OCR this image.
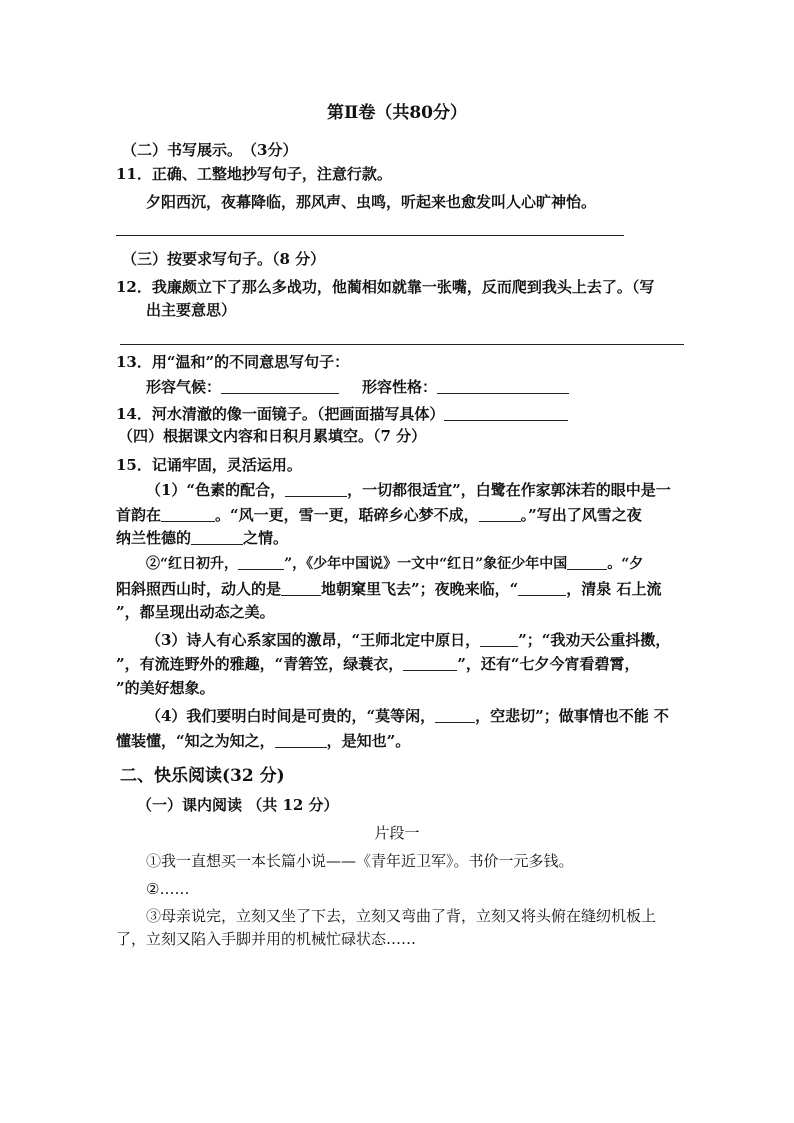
第Ⅱ卷（共80分）
（二）书写展示。　（3分）
11．正确、工整地抄写句子，注意行款。
夕阳西沉，夜幕降临，那风声、虫鸣，听起来也愈发叫人心旷神怡。
（三）按要求写句子。（8 分）
12．我廉颇立下了那么多战功，他蔺相如就靠一张嘴，反而爬到我头上去了。（写
出主要意思）
13．用“温和”的不同意思写句子：
形容气候：	形容性格：
14．河水清澈的像一面镜子。（把画面描写具体）
（四）根据课文内容和日积月累填空。（7 分）
15．记诵牢固，灵活运用。
（1）“色素的配合，	，一切都很适宜”，白鹭在作家郭沫若的眼中是一
首韵在	。“风一更，雪一更，聒碎乡心梦不成，	。”写出了风雪之夜
纳兰性德的	之情。
②“红日初升，	”，《少年中国说》一文中“红日”象征少年中国	。“夕
阳斜照西山时，动人的是	地朝窠里飞去”；夜晚来临，“	，清泉 石上流
”，都呈现出动态之美。
（3）诗人有心系家国的激昂，“王师北定中原日，	”；“我劝天公重抖擞，
”，有流连野外的雅趣，“青箬笠，绿蓑衣，	”，还有“七夕今宵看碧霄，
”的美好想象。
（4）我们要明白时间是可贵的，“莫等闲，	，空悲切”；做事情也不能 不
懂装懂，“知之为知之，	，是知也”。
二、快乐阅读(32 分)
（一）课内阅读 （共 12 分）
片段一
①我一直想买一本长篇小说——《青年近卫军》。书价一元多钱。
②……
③母亲说完，立刻又坐了下去，立刻又弯曲了背，立刻又将头俯在缝纫机板上
了，立刻又陷入手脚并用的机械忙碌状态……
